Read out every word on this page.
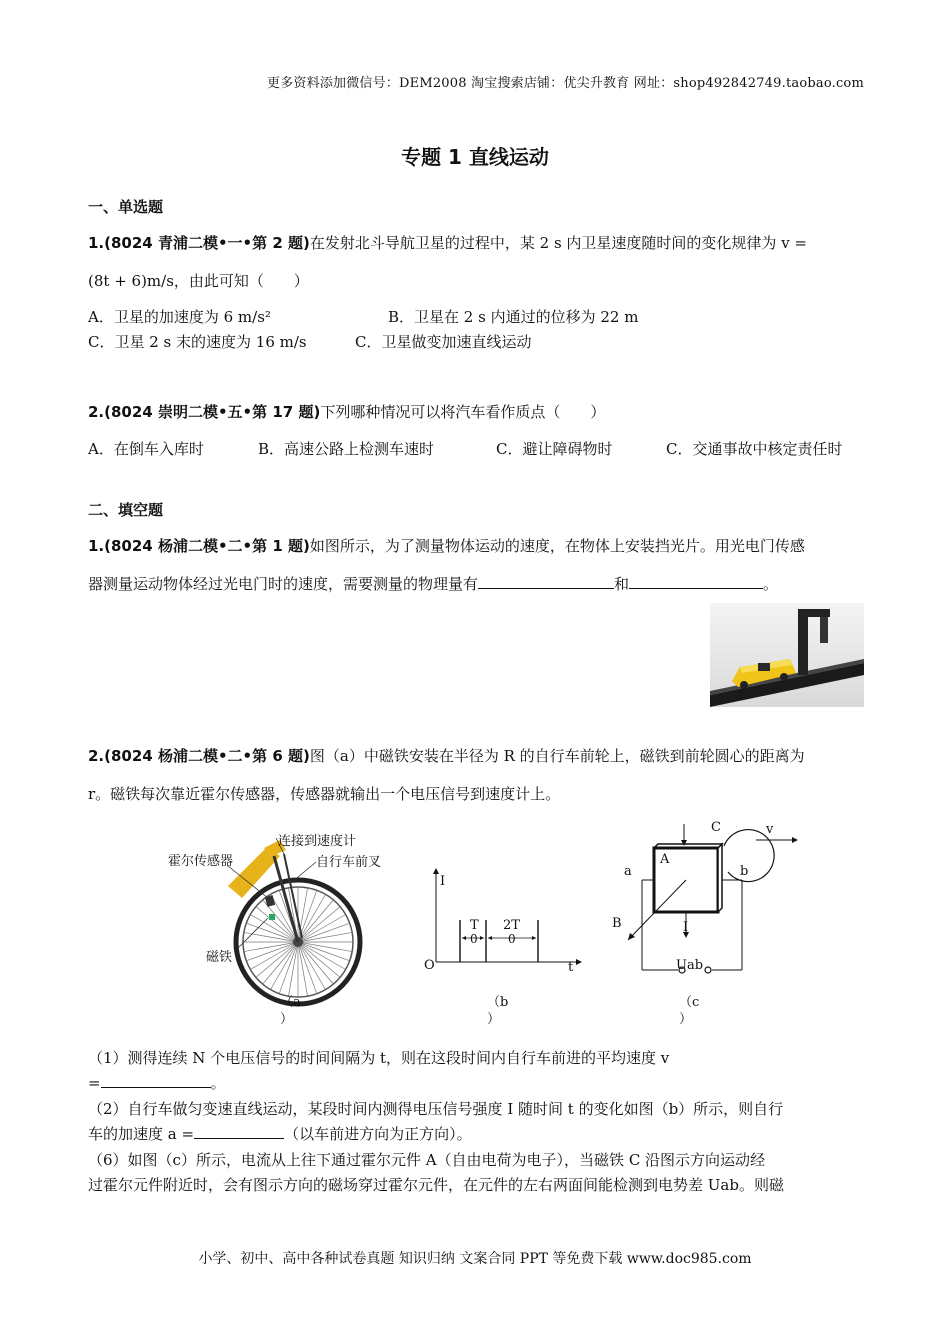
更多资料添加微信号：DEM2008 淘宝搜索店铺：优尖升教育 网址：shop492842749.taobao.com
专题 1 直线运动
一、单选题
1.(8024 青浦二模•一•第 2 题)在发射北斗导航卫星的过程中，某 2 s 内卫星速度随时间的变化规律为 v =
(8t + 6)m/s，由此可知（　　）
A．卫星的加速度为 6 m/s²	B．卫星在 2 s 内通过的位移为 22 m
C．卫星 2 s 末的速度为 16 m/s	C．卫星做变加速直线运动
2.(8024 崇明二模•五•第 17 题)下列哪种情况可以将汽车看作质点（　　）
A．在倒车入库时	B．高速公路上检测车速时	C．避让障碍物时	C．交通事故中核定责任时
二、填空题
1.(8024 杨浦二模•二•第 1 题)如图所示，为了测量物体运动的速度，在物体上安装挡光片。用光电门传感
器测量运动物体经过光电门时的速度，需要测量的物理量有	和	。
2.(8024 杨浦二模•二•第 6 题)图（a）中磁铁安装在半径为 R 的自行车前轮上，磁铁到前轮圆心的距离为
r。磁铁每次靠近霍尔传感器，传感器就输出一个电压信号到速度计上。
霍尔传感器
连接到速度计
自行车前叉
磁铁
（a
）
I
O	t
T
0
2T
0
（b
）
C	v
A
a	b
B	I
Uab
（c
）
（1）测得连续 N 个电压信号的时间间隔为 t，则在这段时间内自行车前进的平均速度 v
=	。
（2）自行车做匀变速直线运动，某段时间内测得电压信号强度 I 随时间 t 的变化如图（b）所示，则自行
车的加速度 a =	（以车前进方向为正方向）。
（6）如图（c）所示，电流从上往下通过霍尔元件 A（自由电荷为电子），当磁铁 C 沿图示方向运动经
过霍尔元件附近时，会有图示方向的磁场穿过霍尔元件，在元件的左右两面间能检测到电势差 Uab。则磁
小学、初中、高中各种试卷真题 知识归纳 文案合同 PPT 等免费下载 www.doc985.com
